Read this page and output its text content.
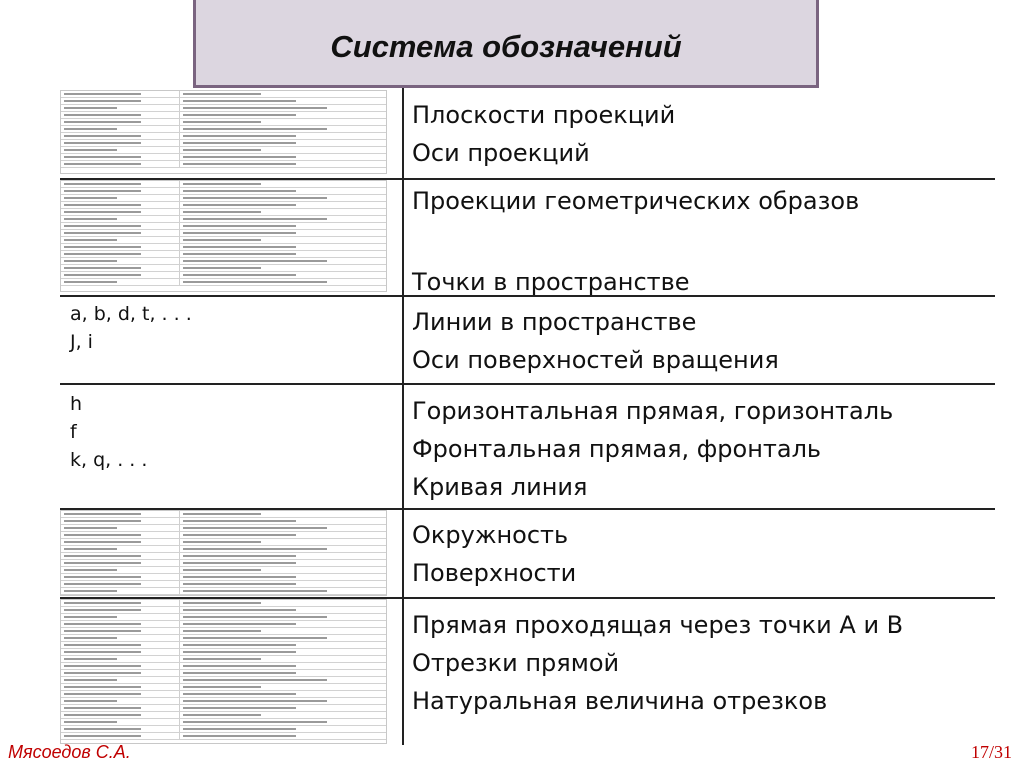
Система обозначений
Плоскости проекций
Оси проекций
Проекции геометрических образов
Точки в пространстве
a, b, d, t, . . .
J, i
Линии в пространстве
Оси поверхностей вращения
h
f
k, q, . . .
Горизонтальная прямая, горизонталь
Фронтальная прямая, фронталь
Кривая линия
Окружность
Поверхности
Прямая проходящая через точки А и В
Отрезки прямой
Натуральная величина отрезков
Мясоедов С.А.	17/31
